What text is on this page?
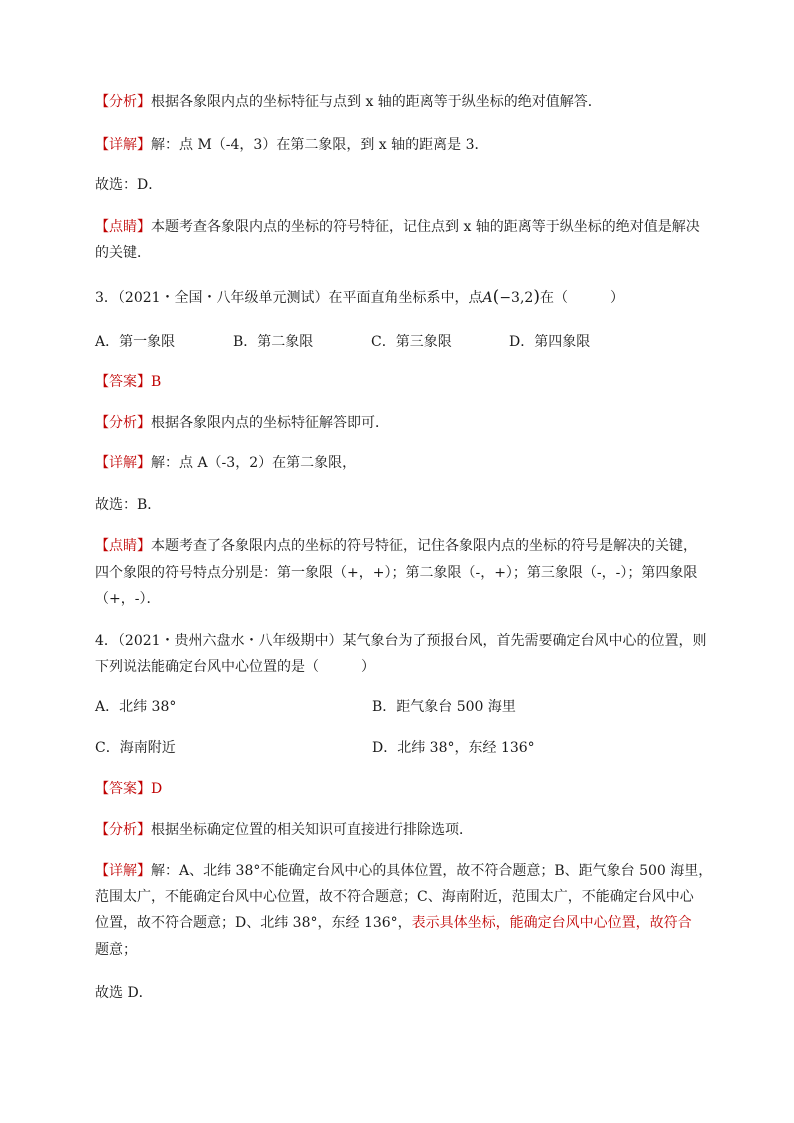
【分析】根据各象限内点的坐标特征与点到 x 轴的距离等于纵坐标的绝对值解答．
【详解】解：点 M（-4，3）在第二象限，到 x 轴的距离是 3．
故选：D．
【点睛】本题考查各象限内点的坐标的符号特征，记住点到 x 轴的距离等于纵坐标的绝对值是解决
的关键．
3．（2021・全国・八年级单元测试）在平面直角坐标系中，点A(−3,2)在（　　　）
A．第一象限	B．第二象限	C．第三象限	D．第四象限
【答案】B
【分析】根据各象限内点的坐标特征解答即可．
【详解】解：点 A（-3，2）在第二象限，
故选：B．
【点睛】本题考查了各象限内点的坐标的符号特征，记住各象限内点的坐标的符号是解决的关键，
四个象限的符号特点分别是：第一象限（+，+）；第二象限（-，+）；第三象限（-，-）；第四象限
（+，-）．
4．（2021・贵州六盘水・八年级期中）某气象台为了预报台风，首先需要确定台风中心的位置，则
下列说法能确定台风中心位置的是（　　　）
A．北纬 38°	B．距气象台 500 海里
C．海南附近	D．北纬 38°，东经 136°
【答案】D
【分析】根据坐标确定位置的相关知识可直接进行排除选项．
【详解】解：A、北纬 38°不能确定台风中心的具体位置，故不符合题意；B、距气象台 500 海里，
范围太广，不能确定台风中心位置，故不符合题意；C、海南附近，范围太广，不能确定台风中心
位置，故不符合题意；D、北纬 38°，东经 136°，表示具体坐标，能确定台风中心位置，故符合
题意；
故选 D．
